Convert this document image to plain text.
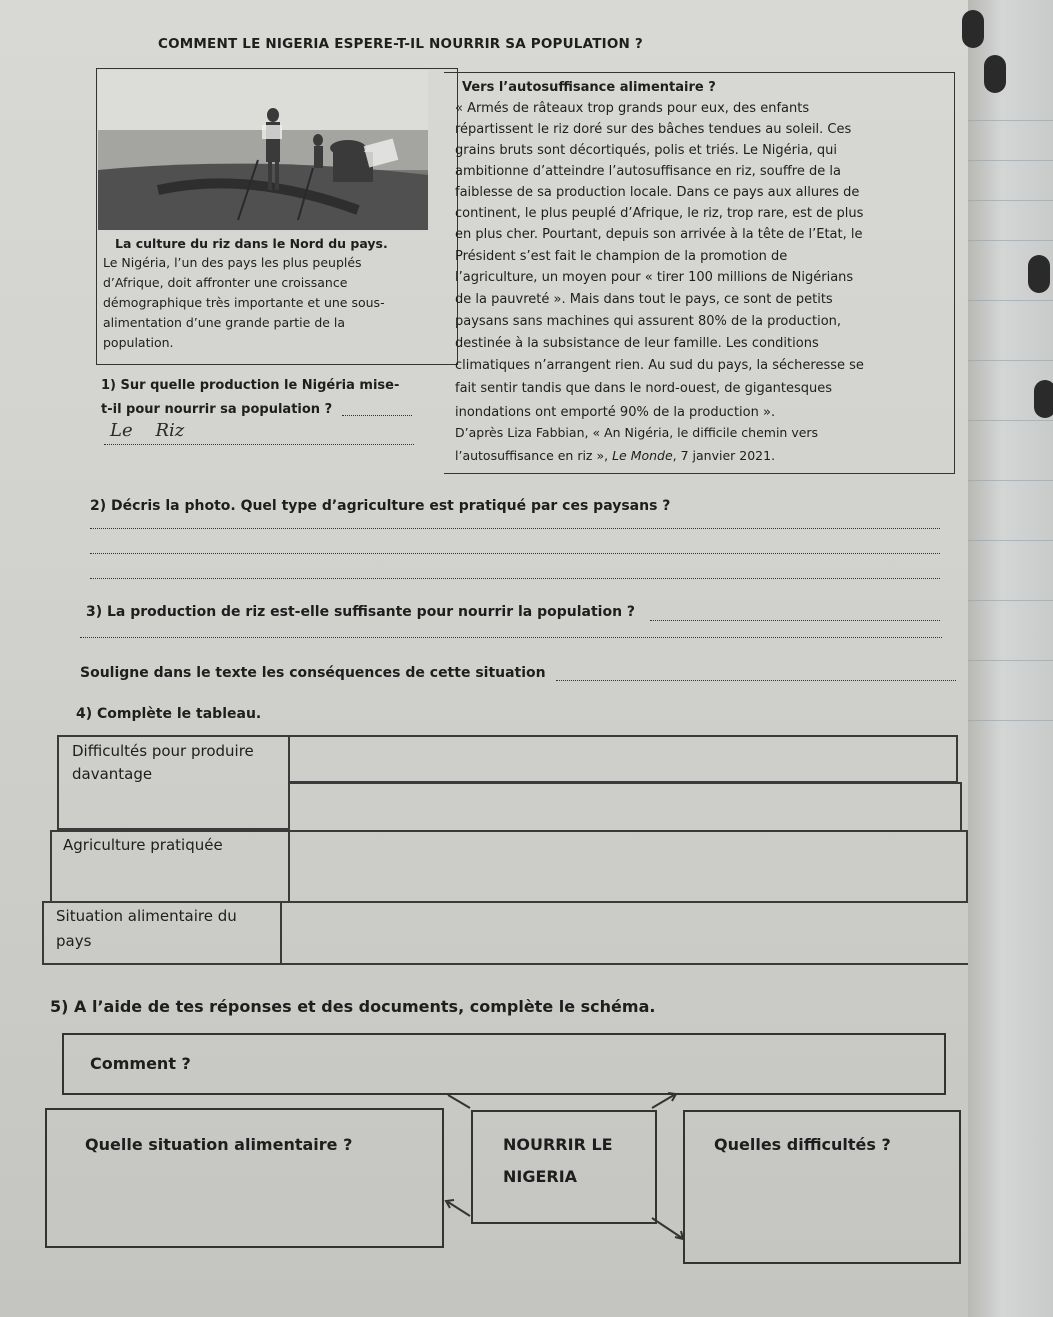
COMMENT LE NIGERIA ESPERE-T-IL NOURRIR SA POPULATION ?
La culture du riz dans le Nord du pays.
Le Nigéria, l’un des pays les plus peuplés
d’Afrique, doit affronter une croissance
démographique très importante et une sous-
alimentation d’une grande partie de la
population.
Vers l’autosuffisance alimentaire ?
« Armés de râteaux trop grands pour eux, des enfants
répartissent le riz doré sur des bâches tendues au soleil. Ces
grains bruts sont décortiqués, polis et triés. Le Nigéria, qui
ambitionne d’atteindre l’autosuffisance en riz, souffre de la
faiblesse de sa production locale. Dans ce pays aux allures de
continent, le plus peuplé d’Afrique, le riz, trop rare, est de plus
en plus cher. Pourtant, depuis son arrivée à la tête de l’Etat, le
Président s’est fait le champion de la promotion de
l’agriculture, un moyen pour « tirer 100 millions de Nigérians
de la pauvreté ». Mais dans tout le pays, ce sont de petits
paysans sans machines qui assurent 80% de la production,
destinée à la subsistance de leur famille. Les conditions
climatiques n’arrangent rien. Au sud du pays, la sécheresse se
fait sentir tandis que dans le nord-ouest, de gigantesques
inondations ont emporté 90% de la production ».
D’après Liza Fabbian, « An Nigéria, le difficile chemin vers
l’autosuffisance en riz », Le Monde, 7 janvier 2021.
1) Sur quelle production le Nigéria mise-
t-il pour nourrir sa population ?
Le    Riz
2) Décris la photo. Quel type d’agriculture est pratiqué par ces paysans ?
3) La production de riz est-elle suffisante pour nourrir la population ?
Souligne dans le texte les conséquences de cette situation
4) Complète le tableau.
Difficultés pour produire
davantage
Agriculture pratiquée
Situation alimentaire du
pays
5) A l’aide de tes réponses et des documents, complète le schéma.
Comment ?
Quelle situation alimentaire ?	NOURRIR LE
NIGERIA
Quelles difficultés ?
